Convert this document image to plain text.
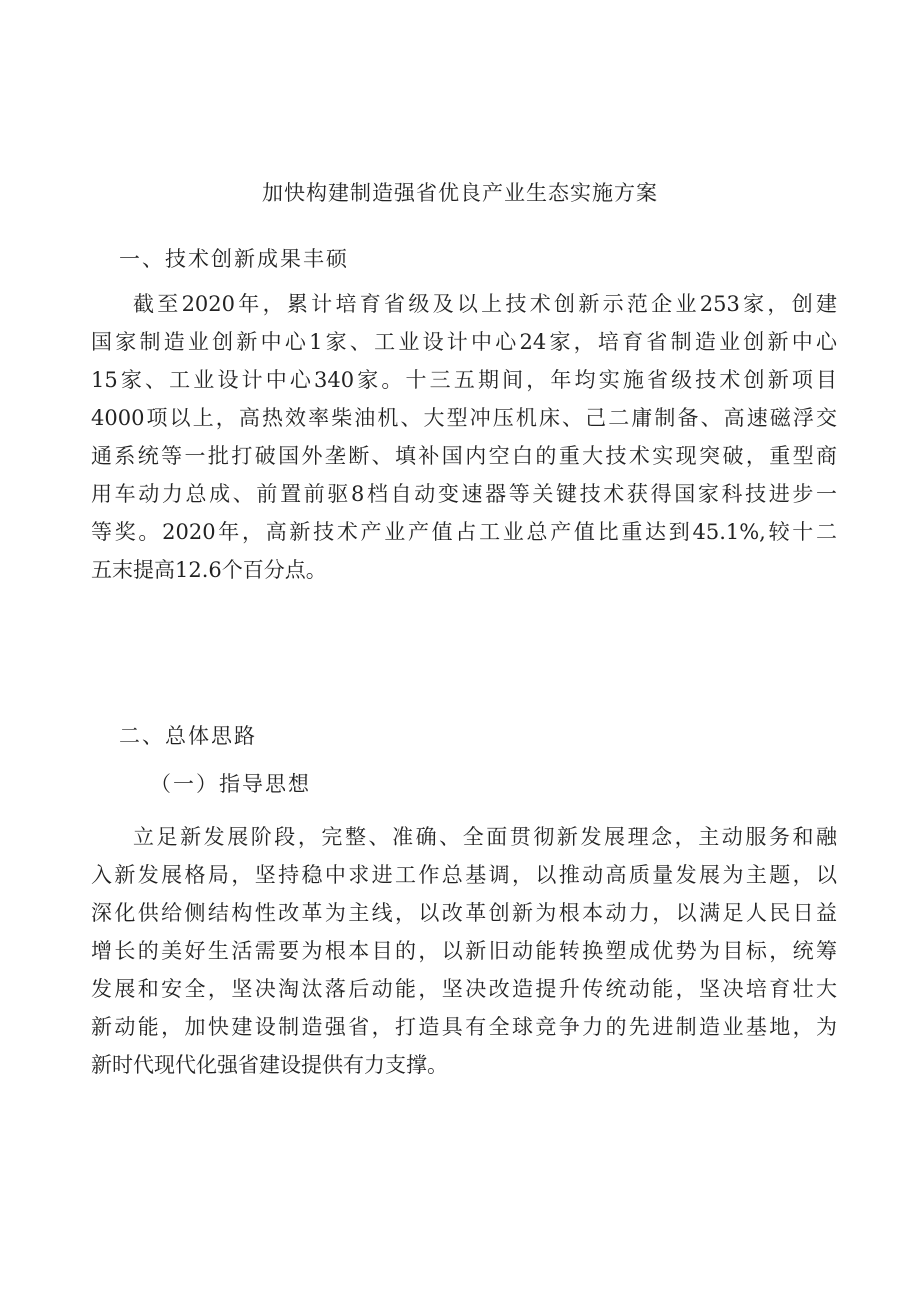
加快构建制造强省优良产业生态实施方案
一、技术创新成果丰硕
截至2020年，累计培育省级及以上技术创新示范企业253家，创建
国家制造业创新中心1家、工业设计中心24家，培育省制造业创新中心
15家、工业设计中心340家。十三五期间，年均实施省级技术创新项目
4000项以上，高热效率柴油机、大型冲压机床、己二庸制备、高速磁浮交
通系统等一批打破国外垄断、填补国内空白的重大技术实现突破，重型商
用车动力总成、前置前驱8档自动变速器等关键技术获得国家科技进步一
等奖。2020年，高新技术产业产值占工业总产值比重达到45.1%,较十二
五末提高12.6个百分点。
二、总体思路
（一）指导思想
立足新发展阶段，完整、准确、全面贯彻新发展理念，主动服务和融
入新发展格局，坚持稳中求进工作总基调，以推动高质量发展为主题，以
深化供给侧结构性改革为主线，以改革创新为根本动力，以满足人民日益
增长的美好生活需要为根本目的，以新旧动能转换塑成优势为目标，统筹
发展和安全，坚决淘汰落后动能，坚决改造提升传统动能，坚决培育壮大
新动能，加快建设制造强省，打造具有全球竞争力的先进制造业基地，为
新时代现代化强省建设提供有力支撑。
